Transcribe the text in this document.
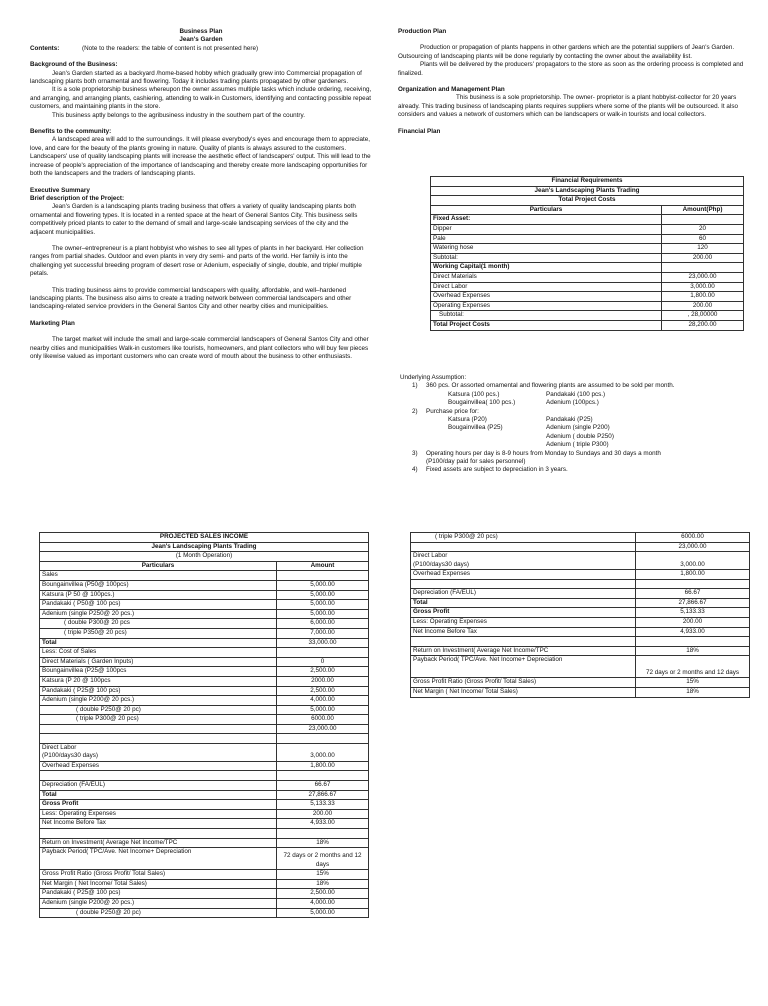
Business Plan

Jean's Garden

Contents:	(Note to the readers: the table of content is not presented here)

Background of the Business:

Jean's Garden started as a backyard /home-based hobby which gradually grew into Commercial propagation of landscaping plants both ornamental and flowering. Today it includes trading plants propagated by other gardeners.

It is a sole proprietorship business whereupon the owner assumes multiple tasks which include ordering, receiving, and arranging, and arranging plants, cashiering, attending to walk-in Customers, identifying and contacting possible repeat customers, and maintaining plants in the store.

This business aptly belongs to the agribusiness industry in the southern part of the country.

Benefits to the community:

A landscaped area will add to the surroundings. It will please everybody's eyes and encourage them to appreciate, love, and care for the beauty of the plants growing in nature. Quality of plants is always assured to the customers. Landscapers' use of quality landscaping plants will increase the aesthetic effect of landscapers' output. This will lead to the increase of people's appreciation of the importance of landscaping and thereby create more landscaping opportunities for both the landscapers and the traders of landscaping plants.

Executive Summary

Brief description of the Project:

Jean's Garden is a landscaping plants trading business that offers a variety of quality landscaping plants both ornamental and flowering types. It is located in a rented space at the heart of General Santos City. This business sells competitively priced plants to cater to the demand of small and large-scale landscaping services of the city and the adjacent municipalities.

The owner–entrepreneur is a plant hobbyist who wishes to see all types of plants in her backyard. Her collection ranges from partial shades. Outdoor and even plants in very dry semi- and parts of the world. Her family is into the challenging yet successful breeding program of desert rose or Adenium, especially of single, double, and triple/ multiple petals.

This trading business aims to provide commercial landscapers with quality, affordable, and well–hardened landscaping plants. The business also aims to create a trading network between commercial landscapers and other landscaping-related service providers in the General Santos City and other nearby cities and municipalities.

Marketing Plan

The target market will include the small and large-scale commercial landscapers of General Santos City and other nearby cities and municipalities Walk-in customers like tourists, homeowners, and plant collectors who will buy few pieces only likewise valued as important customers who can create word of mouth about the business to other enthusiasts.

Production Plan

Production or propagation of plants happens in other gardens which are the potential suppliers of Jean's Garden. Outsourcing of landscaping plants will be done regularly by contacting the owner about the availability list.

Plants will be delivered by the producers' propagators to the store as soon as the ordering process is completed and finalized.

Organization and Management Plan

This business is a sole proprietorship. The owner- proprietor is a plant hobbyist-collector for 20 years already. This trading business of landscaping plants requires suppliers where some of the plants will be outsourced. It also considers and values a network of customers which can be landscapers or walk-in tourists and local collectors.

Financial Plan

Financial Requirements	
Jean's Landscaping Plants Trading	
Total Project Costs	
Particulars	Amount(Php)

Fixed Asset:	

Dipper	20

Pale	60

Watering hose	120

Subtotal:	200.00

Working Capital(1 month)	

Direct Materials	23,000.00

Direct Labor	3,000.00

Overhead Expenses	1,800.00

Operating Expenses	200.00

Subtotal:	, 28,00000

Total Project Costs	28,200.00

Underlying Assumption:

1) 360 pcs. Or assorted ornamental and flowering plants are assumed to be sold per month.

Katsura (100 pcs.)	Pandakaki (100 pcs.)
Bougainvillea( 100 pcs.)	Adenium (100pcs.)

2) Purchase price for:

Katsura (P20)	Pandakaki (P25)
Bougainvillea (P25)	Adenium (single P200)

Adenium ( double P250)

Adenium ( triple P300)

3) Operating hours per day is 8-9 hours from Monday to Sundays and 30 days a month

(P100/day paid for sales personnel)

4) Fixed assets are subject to depreciation in 3 years.

PROJECTED SALES INCOME	
Jean's Landscaping Plants Trading	
(1 Month Operation)	
Particulars	Amount

Sales	

Boungainvillea (P50@ 100pcs)	5,000.00

Katsura (P 50 @ 100pcs.)	5,000.00

Pandakaki ( P50@ 100 pcs)	5,000.00

Adenium (single P250@ 20 pcs.)	5,000.00

( double P300@ 20 pcs	6,000.00

( triple P350@ 20 pcs)	7,000.00

Total	33,000.00

Less: Cost of Sales	

Direct Materials ( Garden Inputs)	0

Boungainvillea (P25@ 100pcs	2,500.00

Katsura (P 20 @ 100pcs	2000.00

Pandakaki ( P25@ 100 pcs)	2,500.00

Adenium (single P200@ 20 pcs.)	4,000.00

( double P250@ 20 pc)	5,000.00

( triple P300@ 20 pcs)	6000.00

	23,000.00

Direct Labor
(P100/days30 days)	3,000.00

Overhead Expenses	1,800.00

Depreciation (FA/EUL)	66.67

Total	27,866.67

Gross Profit	5,133.33

Less: Operating Expenses	200.00

Net Income Before Tax	4,933.00

Return on Investment( Average Net Income/TPC	18%

Payback Period( TPC/Ave. Net Income+ Depreciation	72 days or 2 months and 12 days

Gross Profit Ratio (Gross Profit/ Total Sales)	15%

Net Margin ( Net Income/ Total Sales)	18%

Pandakaki ( P25@ 100 pcs)	2,500.00

Adenium (single P200@ 20 pcs.)	4,000.00

( double P250@ 20 pc)	5,000.00
( triple P300@ 20 pcs)	6000.00

	23,000.00

Direct Labor
(P100/days30 days)	3,000.00

Overhead Expenses	1,800.00

Depreciation (FA/EUL)	66.67

Total	27,866.67

Gross Profit	5,133.33

Less: Operating Expenses	200.00

Net Income Before Tax	4,933.00

Return on Investment( Average Net Income/TPC	18%

Payback Period( TPC/Ave. Net Income+ Depreciation	72 days or 2 months and 12 days

Gross Profit Ratio (Gross Profit/ Total Sales)	15%

Net Margin ( Net Income/ Total Sales)	18%
